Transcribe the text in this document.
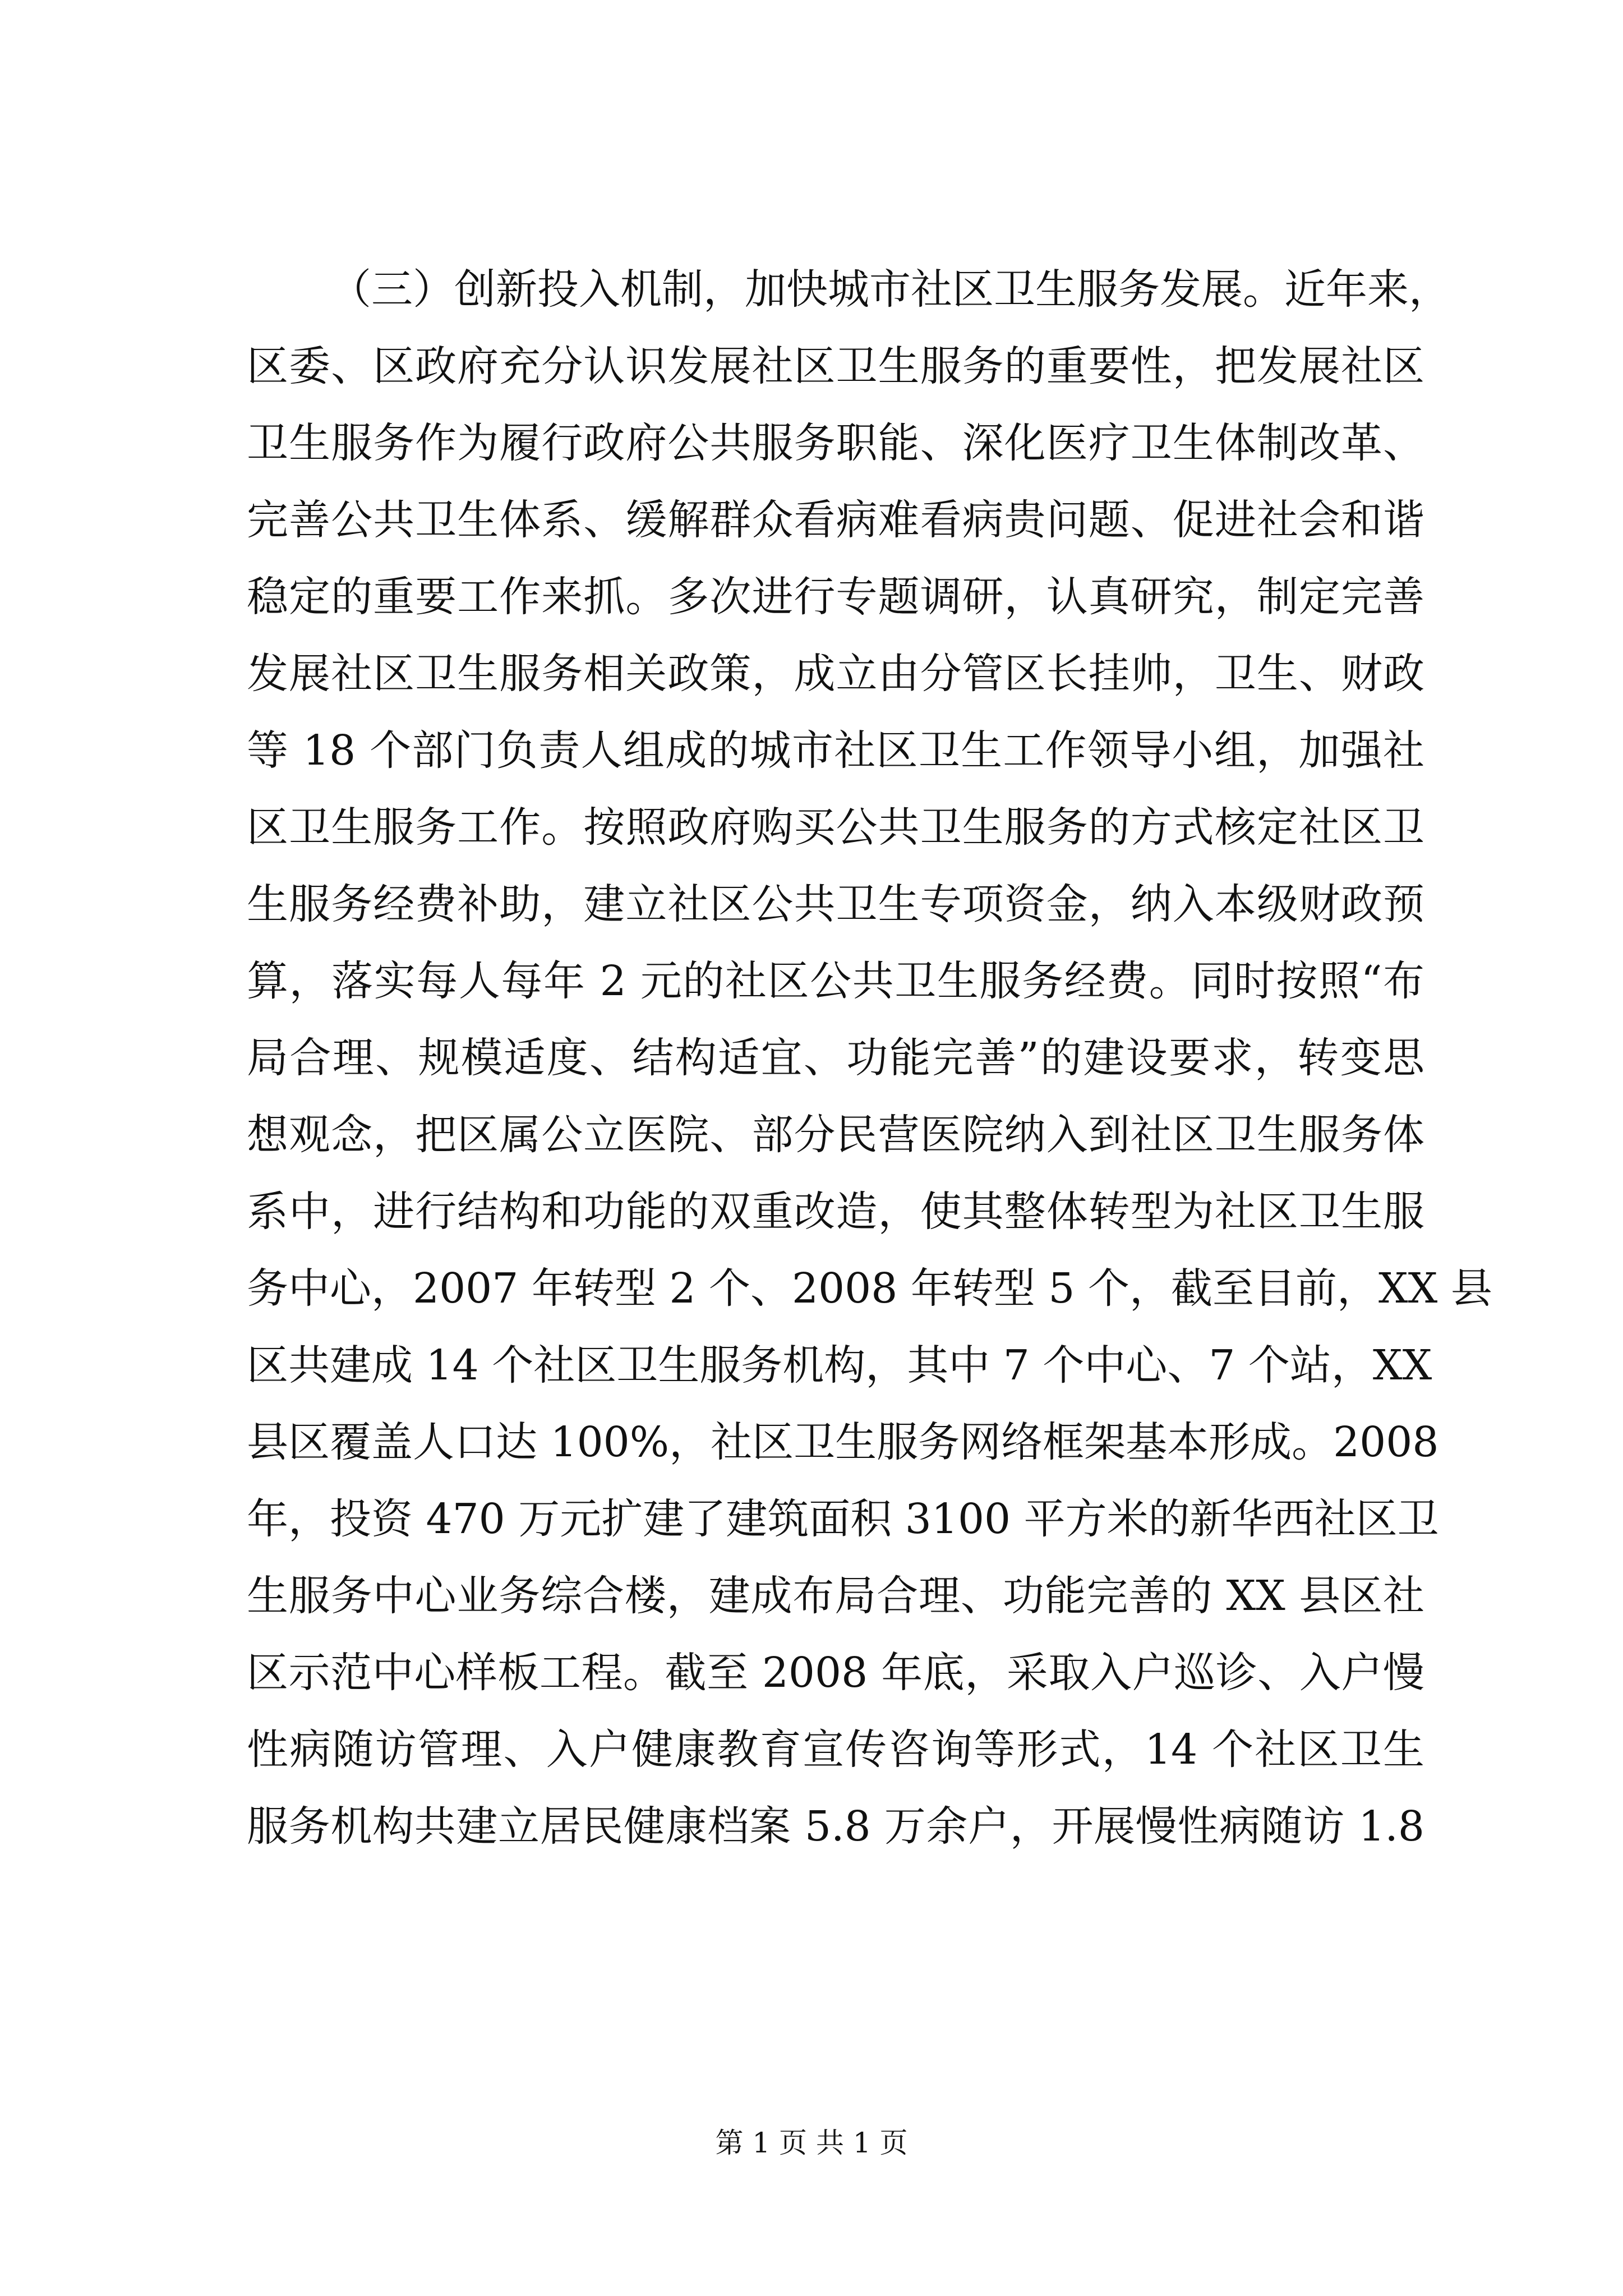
（三）创新投入机制，加快城市社区卫生服务发展。近年来，
区委、区政府充分认识发展社区卫生服务的重要性，把发展社区
卫生服务作为履行政府公共服务职能、深化医疗卫生体制改革、
完善公共卫生体系、缓解群众看病难看病贵问题、促进社会和谐
稳定的重要工作来抓。多次进行专题调研，认真研究，制定完善
发展社区卫生服务相关政策，成立由分管区长挂帅，卫生、财政
等 18 个部门负责人组成的城市社区卫生工作领导小组，加强社
区卫生服务工作。按照政府购买公共卫生服务的方式核定社区卫
生服务经费补助，建立社区公共卫生专项资金，纳入本级财政预
算，落实每人每年 2 元的社区公共卫生服务经费。同时按照“布
局合理、规模适度、结构适宜、功能完善”的建设要求，转变思
想观念，把区属公立医院、部分民营医院纳入到社区卫生服务体
系中，进行结构和功能的双重改造，使其整体转型为社区卫生服
务中心，2007 年转型 2 个、2008 年转型 5 个，截至目前，XX 县
区共建成 14 个社区卫生服务机构，其中 7 个中心、7 个站，XX
县区覆盖人口达 100%，社区卫生服务网络框架基本形成。2008
年，投资 470 万元扩建了建筑面积 3100 平方米的新华西社区卫
生服务中心业务综合楼，建成布局合理、功能完善的 XX 县区社
区示范中心样板工程。截至 2008 年底，采取入户巡诊、入户慢
性病随访管理、入户健康教育宣传咨询等形式，14 个社区卫生
服务机构共建立居民健康档案 5.8 万余户，开展慢性病随访 1.8
第 1 页 共 1 页
